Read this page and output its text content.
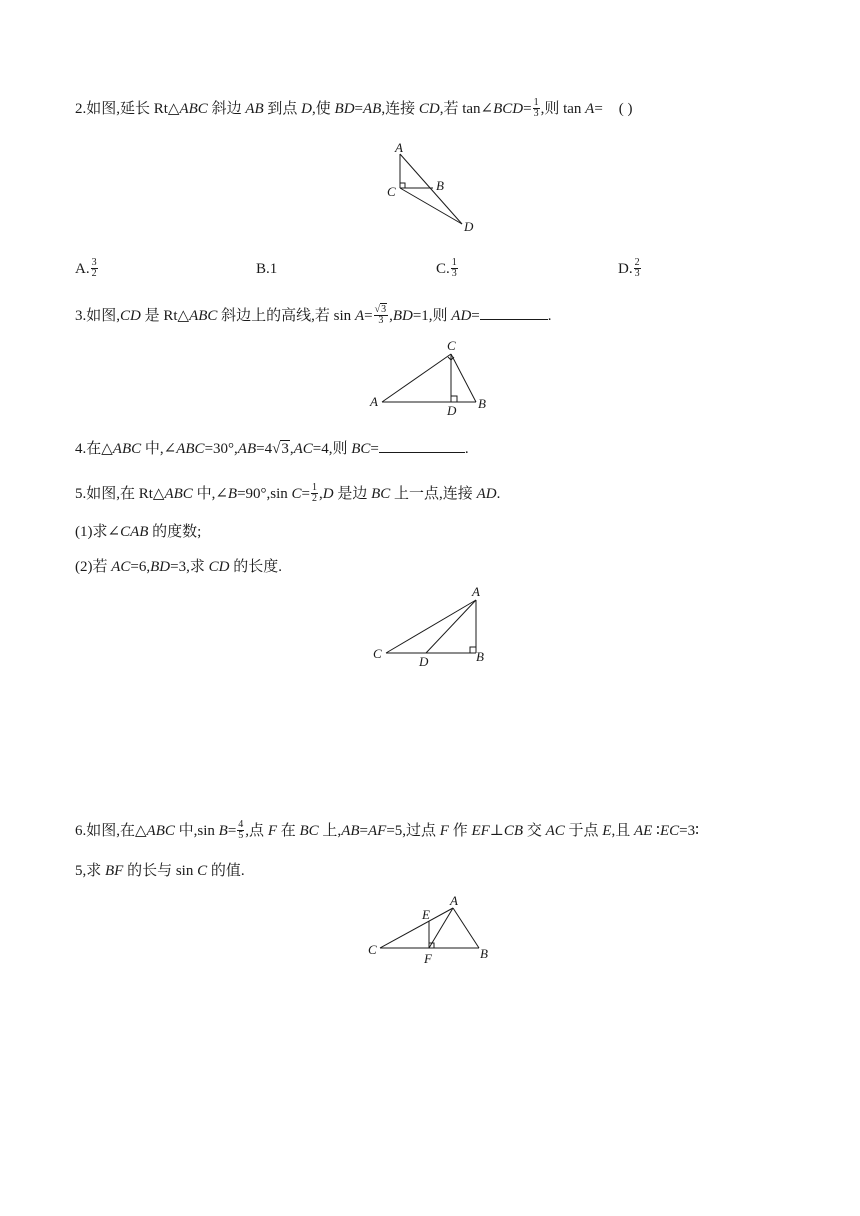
2.如图,延长 Rt△ABC 斜边 AB 到点 D,使 BD=AB,连接 CD,若 tan∠BCD= $\frac{1}{3}$ ,则 tan A= ( )
A
B
C
D
A. $\frac{3}{2}$	B.1	C. $\frac{1}{3}$	D. $\frac{2}{3}$
3.如图,CD 是 Rt△ABC 斜边上的高线,若 $\sin A= \frac{√3}{3} ,BD=1$,则 AD=	.
C
A
D B
4.在△ABC 中,∠ABC=30°,AB=4√3,AC=4,则 BC=	.
5.如图,在 Rt△ABC 中,∠B=90°,sin $C= \frac{1}{2} ,D$ 是边 BC 上一点,连接 AD.
(1)求∠CAB 的度数;
(2)若 AC=6,BD=3,求 CD 的长度.
A
C
D	B
6.如图,在△ABC 中,sin $B= \frac{4}{5}$ ,点 F 在 BC 上,AB=AF=5,过点 F 作 EF⊥CB 交 AC 于点 E,且 AE ∶EC=3∶
5,求 BF 的长与 sin C 的值.
A
E
C
F	B
